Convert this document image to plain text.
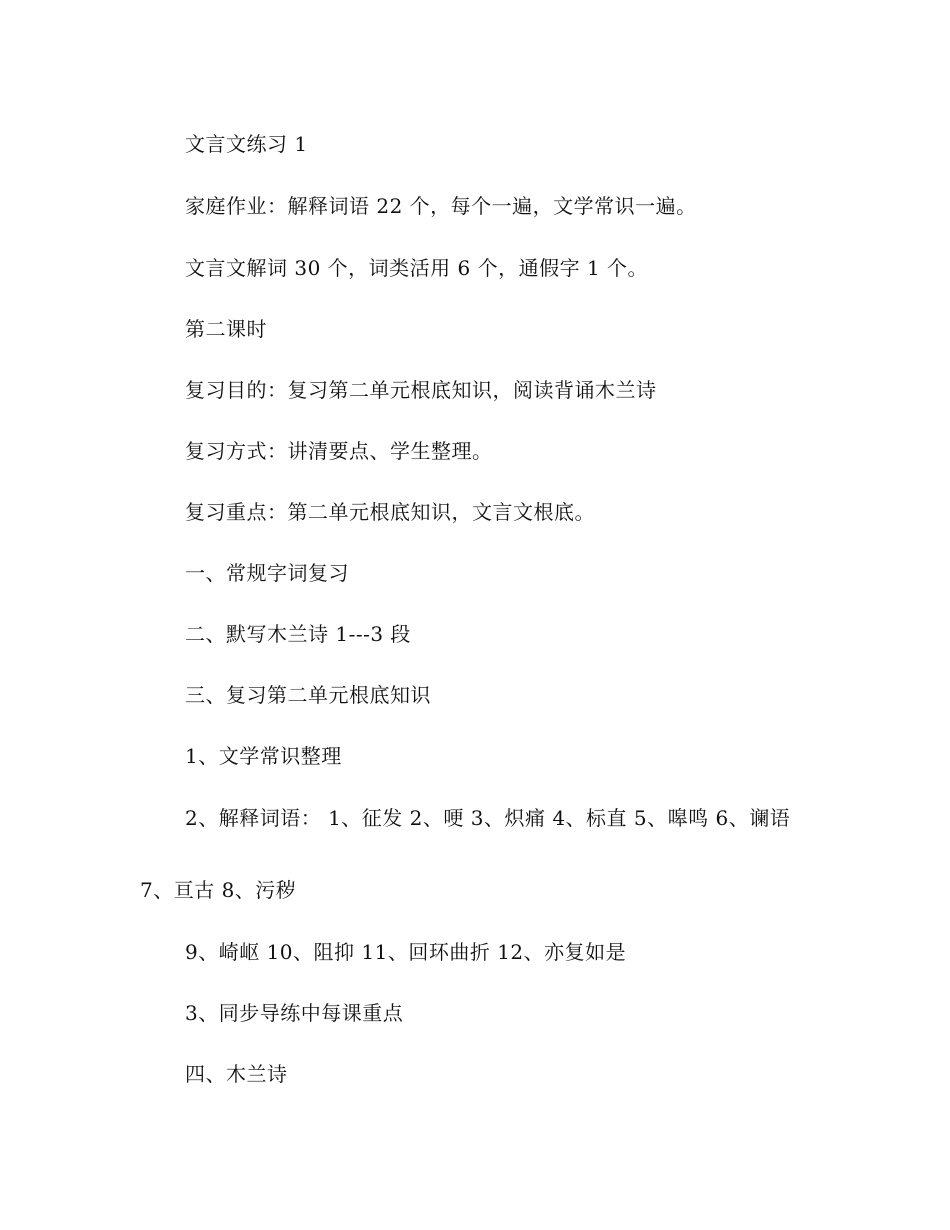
文言文练习 1
家庭作业：解释词语 22 个，每个一遍，文学常识一遍。
文言文解词 30 个，词类活用 6 个，通假字 1 个。
第二课时
复习目的：复习第二单元根底知识，阅读背诵木兰诗
复习方式：讲清要点、学生整理。
复习重点：第二单元根底知识，文言文根底。
一、常规字词复习
二、默写木兰诗 1---3 段
三、复习第二单元根底知识
1、文学常识整理
2、解释词语： 1、征发 2、哽 3、炽痛 4、标直 5、嗥鸣 6、谰语
7、亘古 8、污秽
9、崎岖 10、阻抑 11、回环曲折 12、亦复如是
3、同步导练中每课重点
四、木兰诗
